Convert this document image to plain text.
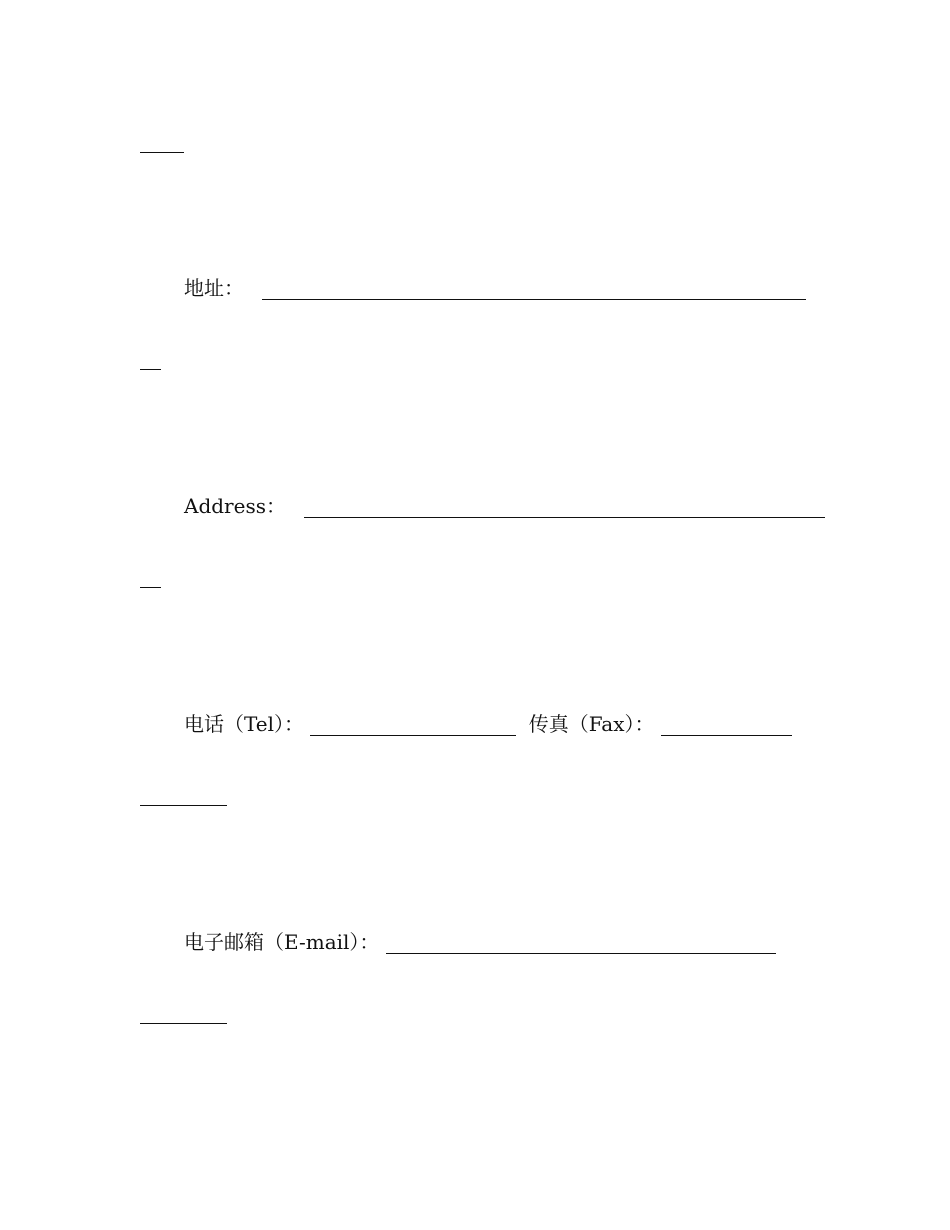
地址：
Address：
电话（Tel）：	传真（Fax）：
电子邮箱（E-mail）：
